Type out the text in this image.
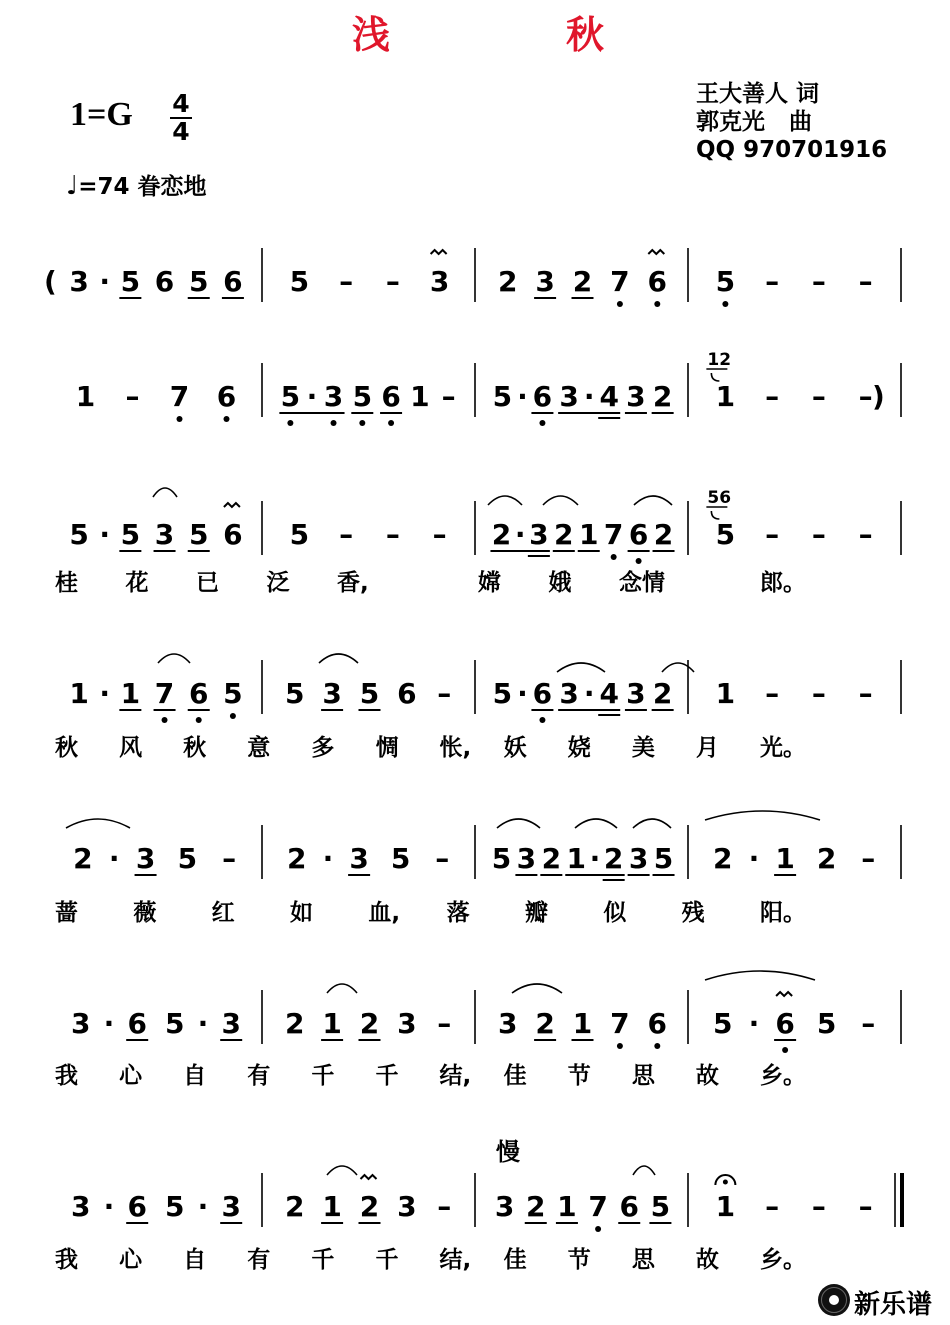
浅	秋
王大善人 词
郭克光   曲
QQ 970701916
1=G 4
4
♩=74 眷恋地
( 3 · 5 6 5 6 5 – – 3 2 3 2 7 6 5 – – –
)
1 – 7 6 5 · 3 5 6 1 – 5 · 6 3 · 4 3 2 1
12
– – –
5 · 5 3 5 6 5 – – – 2 · 3 2 1 7 6 2 5
56
– – –
桂 花 已 泛 香,	嫦 娥 念情	郎。
1 · 1 7 6 5 5 3 5 6 – 5 · 6 3 · 4 3 2 1 – – –
秋 风 秋 意 多 惆 怅, 妖 娆 美 月 光。
2 · 3 5 – 2 · 3 5 – 5 3 2 1 · 2 3 5 2 · 1 2 –
蔷 薇 红 如 血, 落 瓣 似 残 阳。
3 · 6 5 · 3 2 1 2 3 – 3 2 1 7 6 5 · 6 5 –
我 心 自 有 千 千 结, 佳 节 思 故 乡。
3 · 6 5 · 3 2 1 2 3 – 3 2 1 7 6 5 1 – – –
我 心 自 有 千 千 结, 佳 节 思 故 乡。
慢
新乐谱
